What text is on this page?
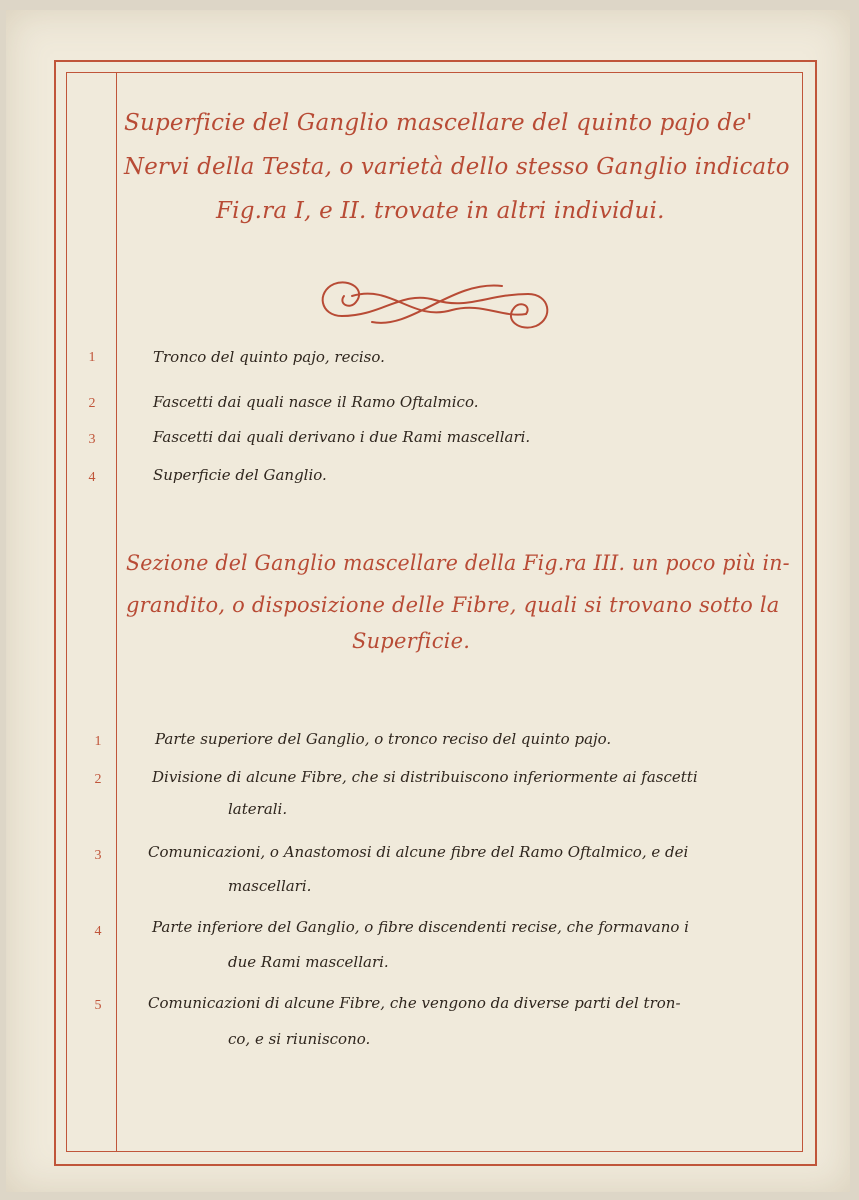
Superficie del Ganglio mascellare del quinto pajo de'
Nervi della Testa, o varietà dello stesso Ganglio indicato
Fig.ra I, e II. trovate in altri individui.
1	Tronco del quinto pajo, reciso.
2	Fascetti dai quali nasce il Ramo Oftalmico.
3	Fascetti dai quali derivano i due Rami mascellari.
4	Superficie del Ganglio.
Sezione del Ganglio mascellare della Fig.ra III. un poco più in-
grandito, o disposizione delle Fibre, quali si trovano sotto la
Superficie.
1	Parte superiore del Ganglio, o tronco reciso del quinto pajo.
2	Divisione di alcune Fibre, che si distribuiscono inferiormente ai fascetti
laterali.
3	Comunicazioni, o Anastomosi di alcune fibre del Ramo Oftalmico, e dei
mascellari.
4	Parte inferiore del Ganglio, o fibre discendenti recise, che formavano i
due Rami mascellari.
5	Comunicazioni di alcune Fibre, che vengono da diverse parti del tron-
co, e si riuniscono.
